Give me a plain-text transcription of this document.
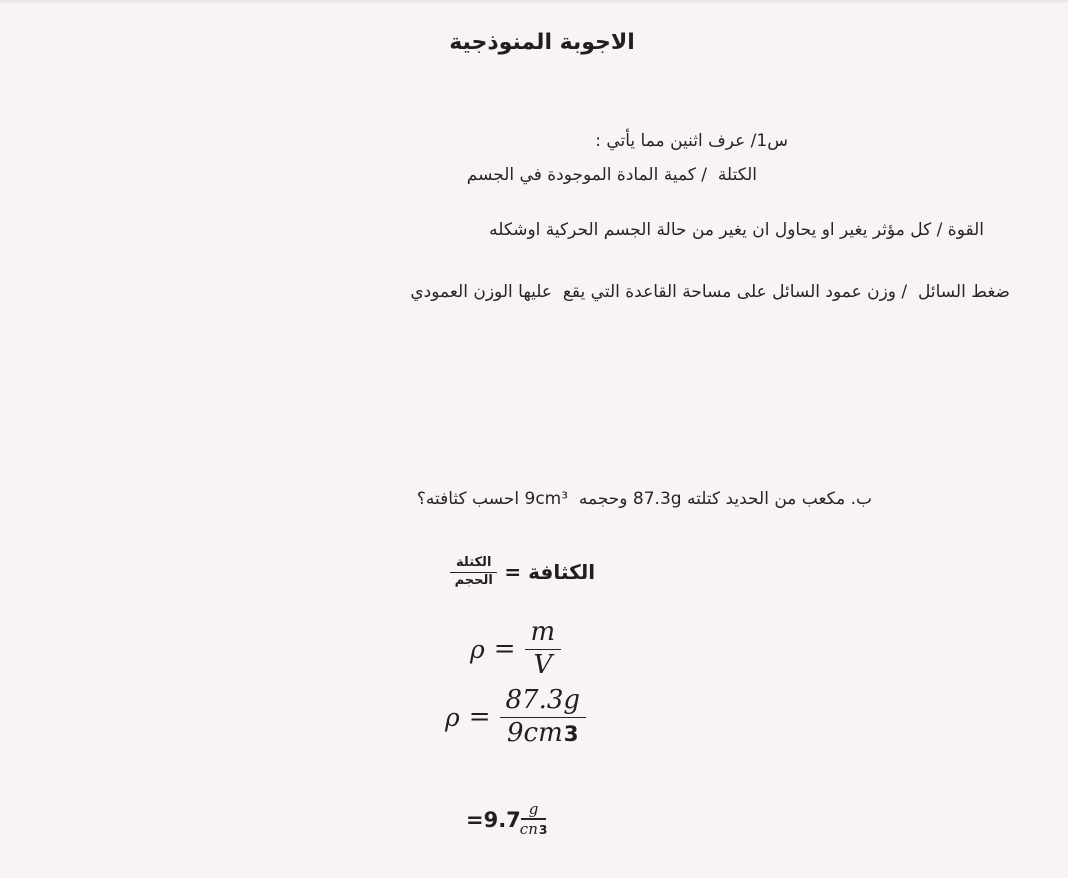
الاجوبة المنوذجية
س1/ عرف اثنين مما يأتي :
الكتلة  / كمية المادة الموجودة في الجسم
القوة / كل مؤثر يغير او يحاول ان يغير من حالة الجسم الحركية اوشكله
ضغط السائل  / وزن عمود السائل على مساحة القاعدة التي يقع  عليها الوزن العمودي
ب. مكعب من الحديد كتلته 87.3g وحجمه  9cm³ احسب كثافته؟
الكثافة
=
$\frac{\text{الكتلة}}{\text{الحجم}}$
$\rho = \frac{m}{V}$
$\rho = \frac{87.3g}{9cm3}$
$=9.7 \frac{g}{cn3}$
